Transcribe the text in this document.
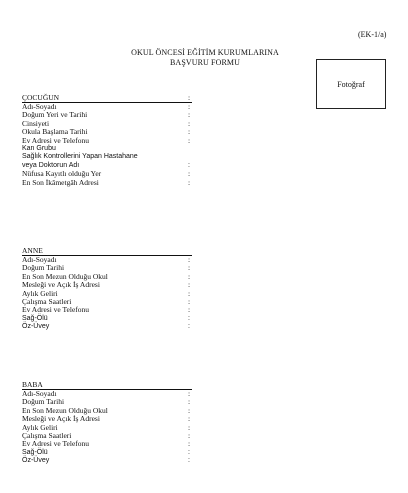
(EK-1/a)
OKUL ÖNCESİ EĞİTİM KURUMLARINA
BAŞVURU FORMU
Fotoğraf
ÇOCUĞUN	:
Adı-Soyadı	:
Doğum Yeri ve Tarihi	:
Cinsiyeti	:
Okula Başlama Tarihi	:
Ev Adresi ve Telefonu	:
Kan Grubu
Sağlık Kontrollerini Yapan Hastahane
veya Doktorun Adı	:
Nüfusa Kayıtlı olduğu Yer	:
En Son İkâmetgâh Adresi	:
ANNE
Adı-Soyadı	:
Doğum Tarihi	:
En Son Mezun Olduğu Okul	:
Mesleği ve Açık İş Adresi	:
Aylık Geliri	:
Çalışma Saatleri	:
Ev Adresi ve Telefonu	:
Sağ-Ölü	:
Öz-Üvey	:
BABA
Adı-Soyadı	:
Doğum Tarihi	:
En Son Mezun Olduğu Okul	:
Mesleği ve Açık İş Adresi	:
Aylık Geliri	:
Çalışma Saatleri	:
Ev Adresi ve Telefonu	:
Sağ-Ölü	:
Öz-Üvey	:
